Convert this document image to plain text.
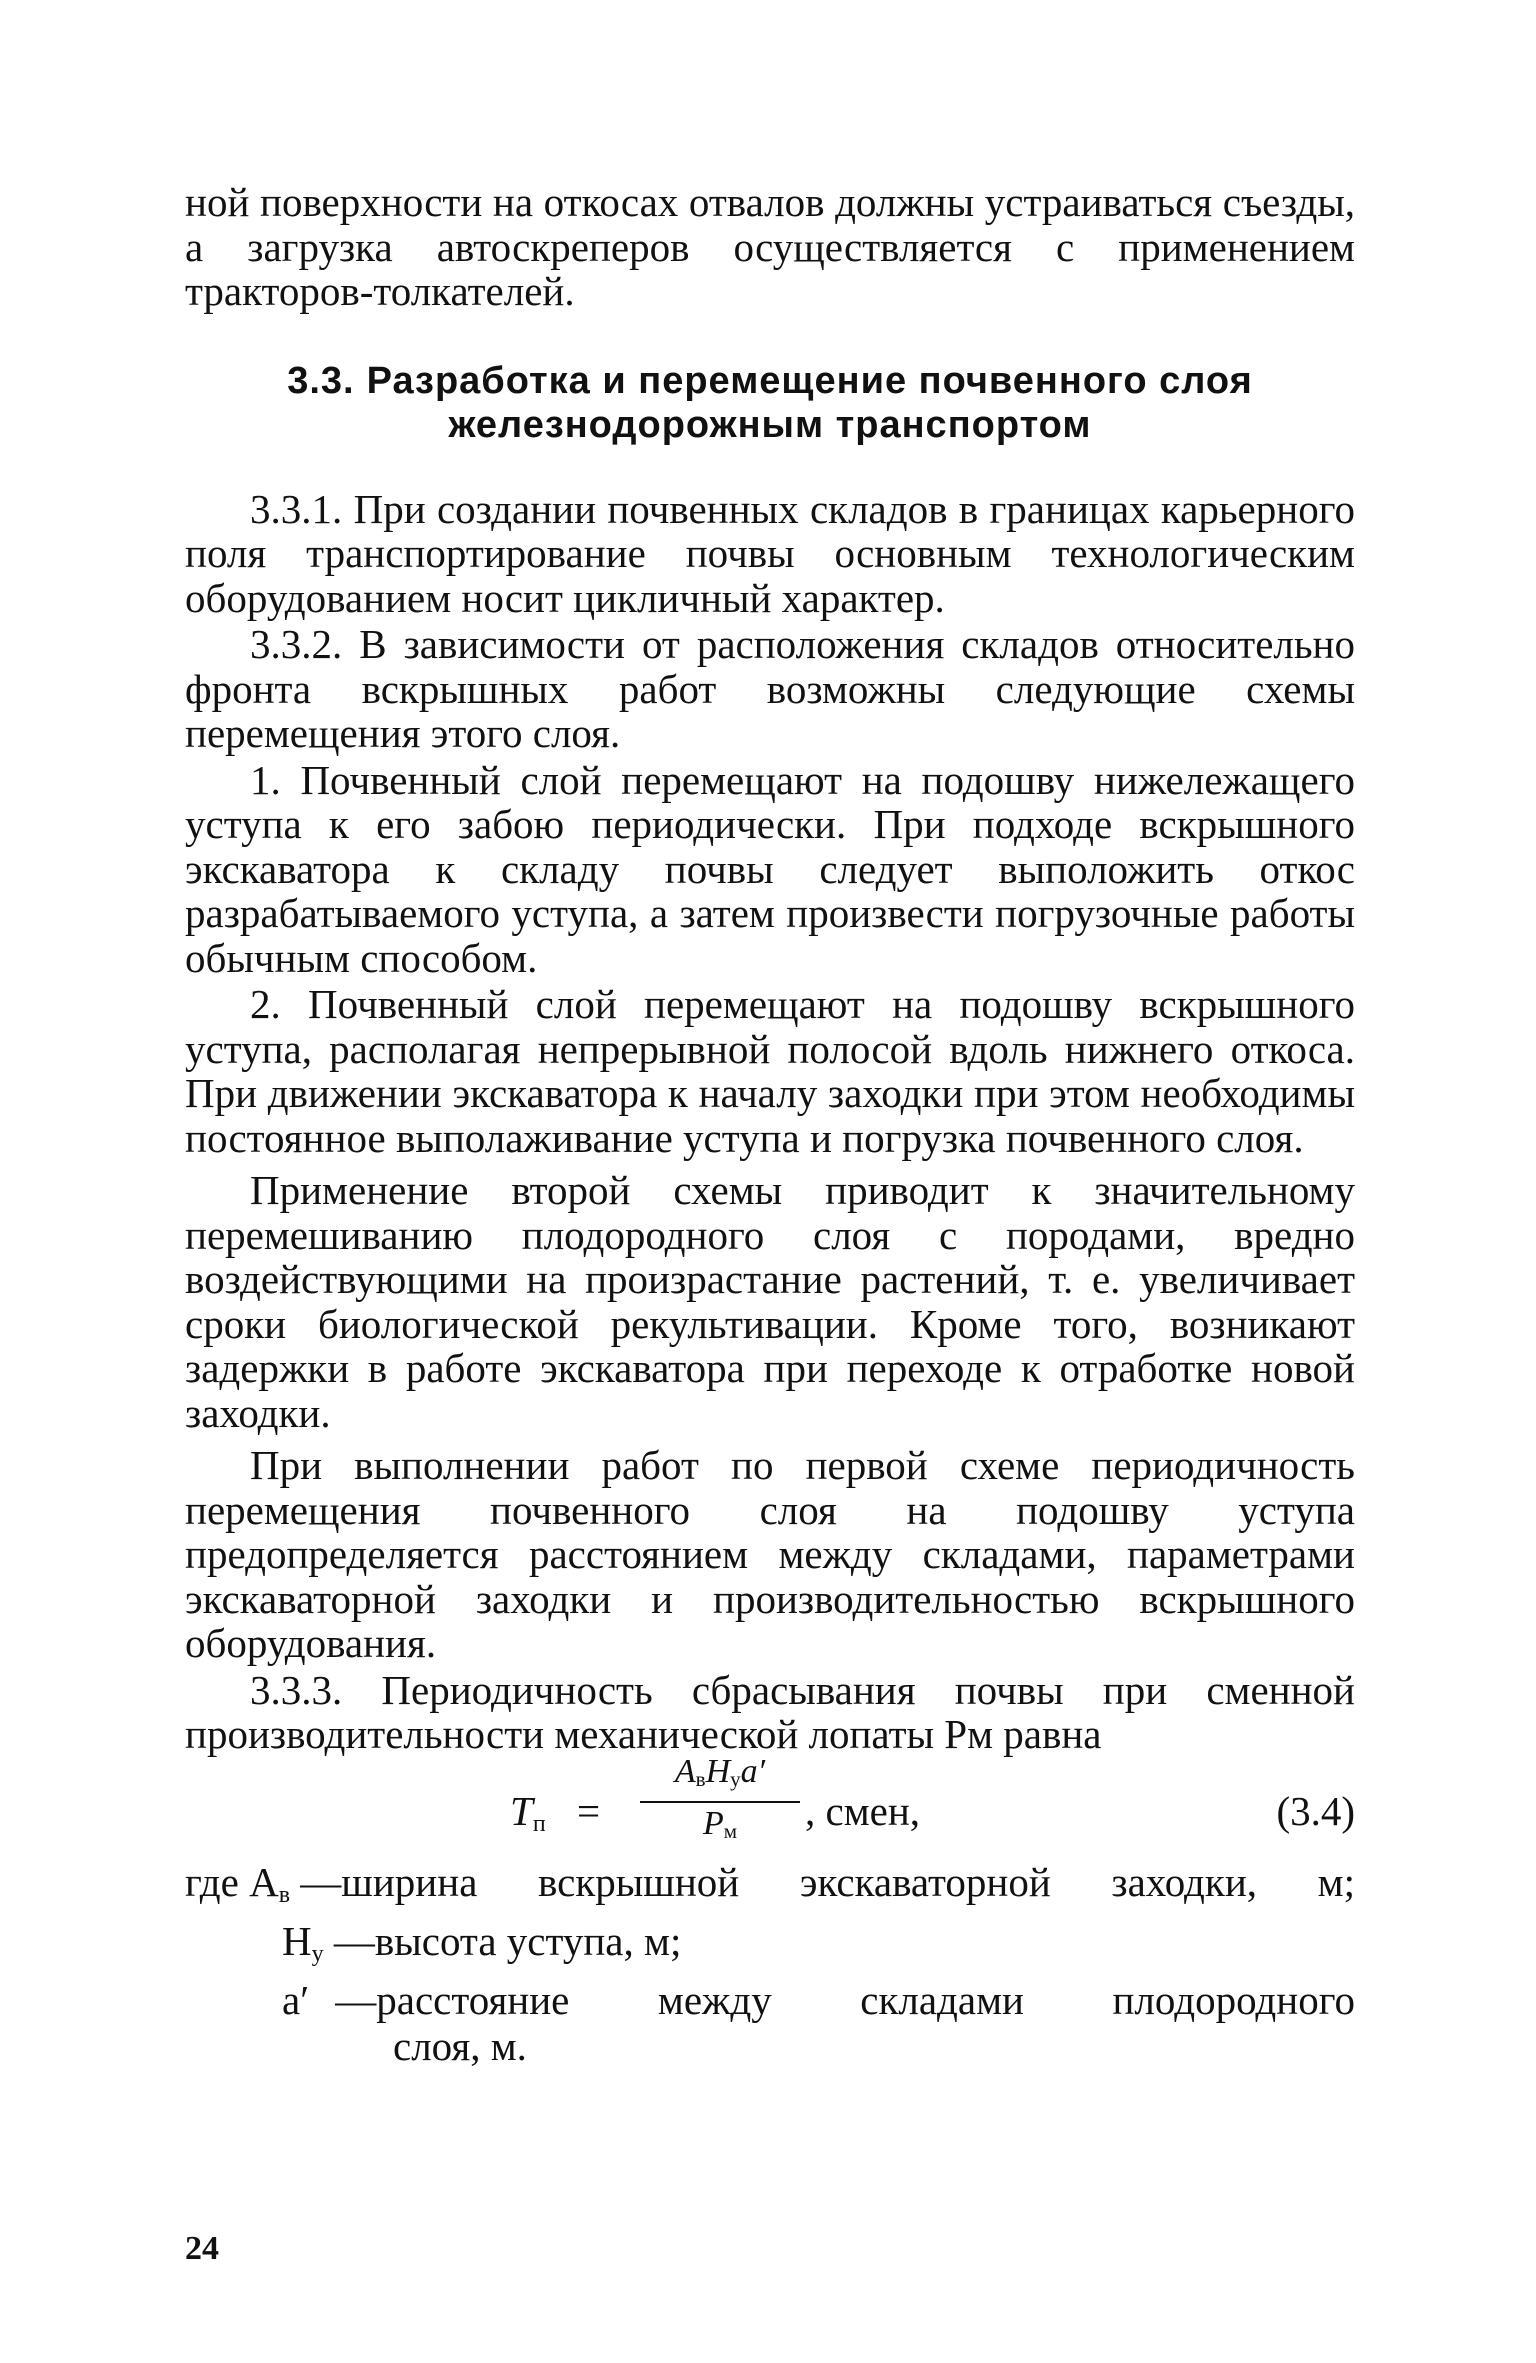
ной поверхности на откосах отвалов должны устраиваться съезды, а загрузка автоскреперов осуществляется с применением тракторов-толкателей.

3.3. Разработка и перемещение почвенного слоя железнодорожным транспортом

3.3.1. При создании почвенных складов в границах карьерного поля транспортирование почвы основным технологическим оборудованием носит цикличный характер.

3.3.2. В зависимости от расположения складов относительно фронта вскрышных работ возможны следующие схемы перемещения этого слоя.

1. Почвенный слой перемещают на подошву нижележащего уступа к его забою периодически. При подходе вскрышного экскаватора к складу почвы следует выположить откос разрабатываемого уступа, а затем произвести погрузочные работы обычным способом.

2. Почвенный слой перемещают на подошву вскрышного уступа, располагая непрерывной полосой вдоль нижнего откоса. При движении экскаватора к началу заходки при этом необходимы постоянное выполаживание уступа и погрузка почвенного слоя.

Применение второй схемы приводит к значительному перемешиванию плодородного слоя с породами, вредно воздействующими на произрастание растений, т. е. увеличивает сроки биологической рекультивации. Кроме того, возникают задержки в работе экскаватора при переходе к отработке новой заходки.

При выполнении работ по первой схеме периодичность перемещения почвенного слоя на подошву уступа предопределяется расстоянием между складами, параметрами экскаваторной заходки и производительностью вскрышного оборудования.

3.3.3. Периодичность сбрасывания почвы при сменной производительности механической лопаты Pм равна

$T_п$ =
$A_вH_уa'$
$P_м$	, смен,	(3.4)
где $A_в$ — ширина вскрышной экскаваторной заходки, м;
$H_у$ — высота уступа, м;
a′ — расстояние между складами плодородного
слоя, м.
24
